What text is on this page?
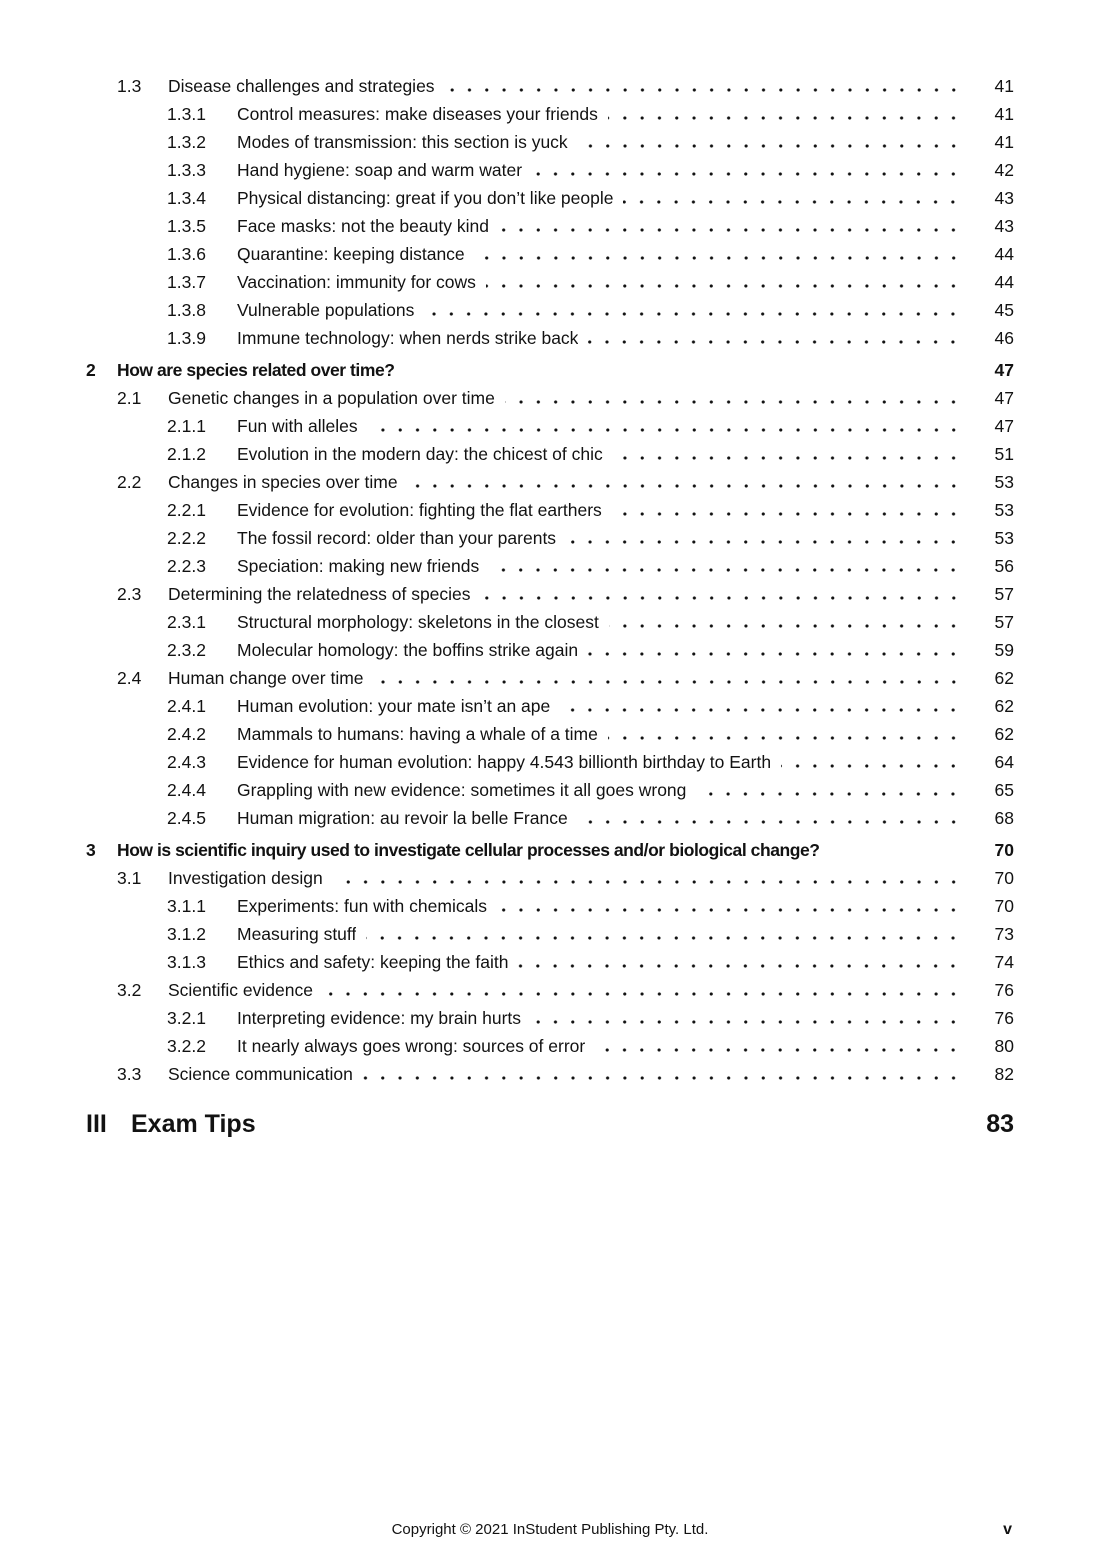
1.3	Disease challenges and strategies	41
1.3.1	Control measures: make diseases your friends	41
1.3.2	Modes of transmission: this section is yuck	41
1.3.3	Hand hygiene: soap and warm water	42
1.3.4	Physical distancing: great if you don’t like people	43
1.3.5	Face masks: not the beauty kind	43
1.3.6	Quarantine: keeping distance	44
1.3.7	Vaccination: immunity for cows	44
1.3.8	Vulnerable populations	45
1.3.9	Immune technology: when nerds strike back	46
2	How are species related over time?	47
2.1	Genetic changes in a population over time	47
2.1.1	Fun with alleles	47
2.1.2	Evolution in the modern day: the chicest of chic	51
2.2	Changes in species over time	53
2.2.1	Evidence for evolution: fighting the flat earthers	53
2.2.2	The fossil record: older than your parents	53
2.2.3	Speciation: making new friends	56
2.3	Determining the relatedness of species	57
2.3.1	Structural morphology: skeletons in the closest	57
2.3.2	Molecular homology: the boffins strike again	59
2.4	Human change over time	62
2.4.1	Human evolution: your mate isn’t an ape	62
2.4.2	Mammals to humans: having a whale of a time	62
2.4.3	Evidence for human evolution: happy 4.543 billionth birthday to Earth	64
2.4.4	Grappling with new evidence: sometimes it all goes wrong	65
2.4.5	Human migration: au revoir la belle France	68
3	How is scientific inquiry used to investigate cellular processes and/or biological change?	70
3.1	Investigation design	70
3.1.1	Experiments: fun with chemicals	70
3.1.2	Measuring stuff	73
3.1.3	Ethics and safety: keeping the faith	74
3.2	Scientific evidence	76
3.2.1	Interpreting evidence: my brain hurts	76
3.2.2	It nearly always goes wrong: sources of error	80
3.3	Science communication	82
III Exam Tips	83
Copyright © 2021 InStudent Publishing Pty. Ltd.	v
